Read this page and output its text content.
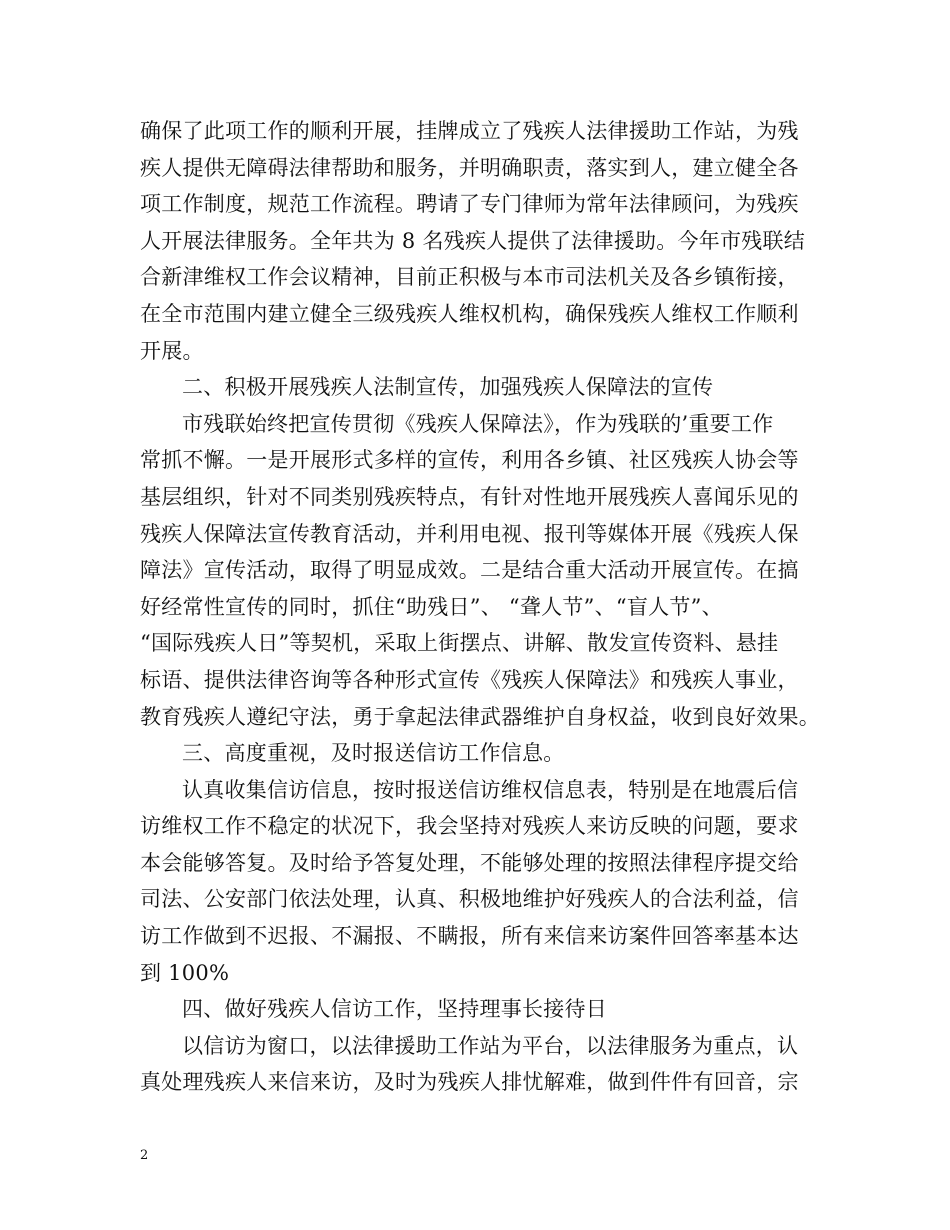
确保了此项工作的顺利开展，挂牌成立了残疾人法律援助工作站，为残
疾人提供无障碍法律帮助和服务，并明确职责，落实到人，建立健全各
项工作制度，规范工作流程。聘请了专门律师为常年法律顾问，为残疾
人开展法律服务。全年共为 8 名残疾人提供了法律援助。今年市残联结
合新津维权工作会议精神，目前正积极与本市司法机关及各乡镇衔接，
在全市范围内建立健全三级残疾人维权机构，确保残疾人维权工作顺利
开展。
二、积极开展残疾人法制宣传，加强残疾人保障法的宣传
市残联始终把宣传贯彻《残疾人保障法》，作为残联的’重要工作
常抓不懈。一是开展形式多样的宣传，利用各乡镇、社区残疾人协会等
基层组织，针对不同类别残疾特点，有针对性地开展残疾人喜闻乐见的
残疾人保障法宣传教育活动，并利用电视、报刊等媒体开展《残疾人保
障法》宣传活动，取得了明显成效。二是结合重大活动开展宣传。在搞
好经常性宣传的同时，抓住“助残日”、 “聋人节”、“盲人节”、
“国际残疾人日”等契机，采取上街摆点、讲解、散发宣传资料、悬挂
标语、提供法律咨询等各种形式宣传《残疾人保障法》和残疾人事业，
教育残疾人遵纪守法，勇于拿起法律武器维护自身权益，收到良好效果。
三、高度重视，及时报送信访工作信息。
认真收集信访信息，按时报送信访维权信息表，特别是在地震后信
访维权工作不稳定的状况下，我会坚持对残疾人来访反映的问题，要求
本会能够答复。及时给予答复处理，不能够处理的按照法律程序提交给
司法、公安部门依法处理，认真、积极地维护好残疾人的合法利益，信
访工作做到不迟报、不漏报、不瞒报，所有来信来访案件回答率基本达
到 100%
四、做好残疾人信访工作，坚持理事长接待日
以信访为窗口，以法律援助工作站为平台，以法律服务为重点，认
真处理残疾人来信来访，及时为残疾人排忧解难，做到件件有回音，宗
2
